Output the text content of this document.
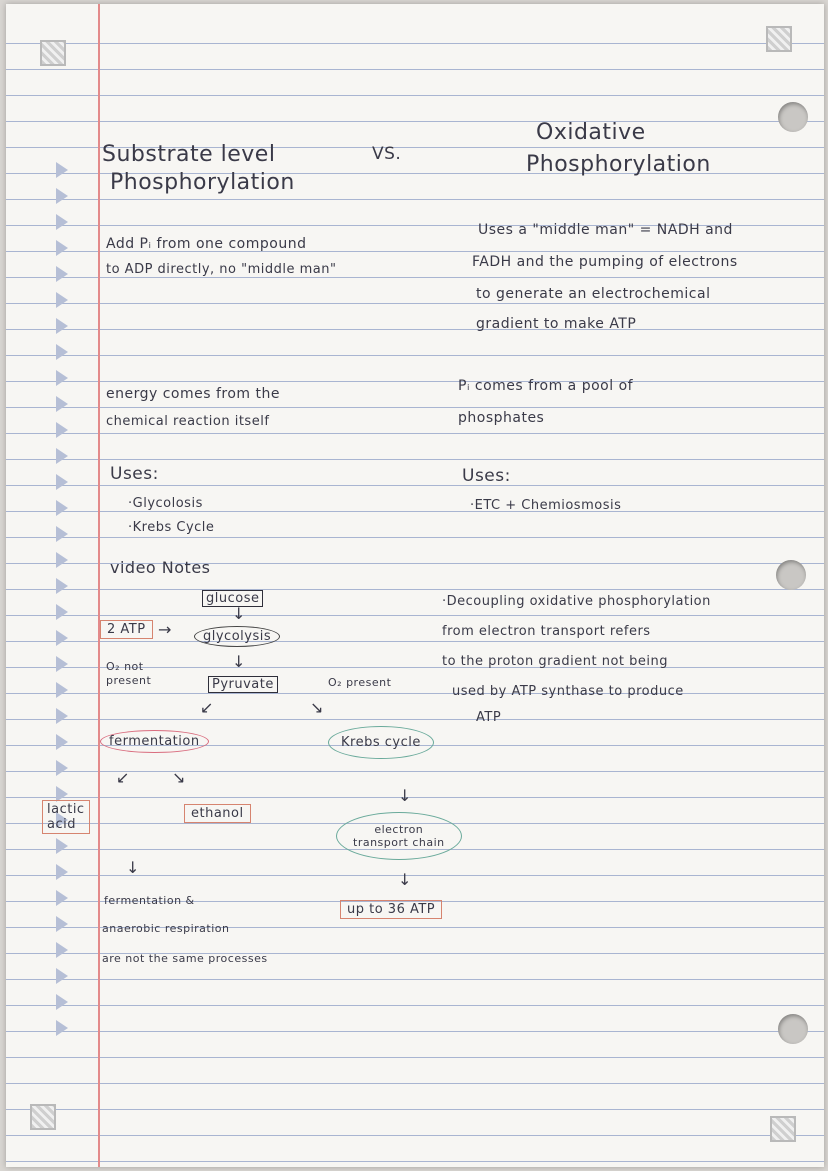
Substrate level
Phosphorylation
VS.
Oxidative
Phosphorylation
Add Pᵢ from one compound
to ADP directly, no "middle man"
energy comes from the
chemical reaction itself
Uses:
·Glycolosis
·Krebs Cycle
video Notes
Uses a "middle man" = NADH and
FADH and the pumping of electrons
to generate an electrochemical
gradient to make ATP
Pᵢ comes from a pool of
phosphates
Uses:
·ETC + Chemiosmosis
·Decoupling oxidative phosphorylation
from electron transport refers
to the proton gradient not being
used by ATP synthase to produce
ATP
glucose
↓
glycolysis
2 ATP →
↓
Pyruvate
O₂ not
present	O₂ present
↙	↘
fermentation	Krebs cycle
↙	↘
lactic
acid
ethanol
↓
electron
transport chain
↓
up to 36 ATP
↓
fermentation &
anaerobic respiration
are not the same processes
